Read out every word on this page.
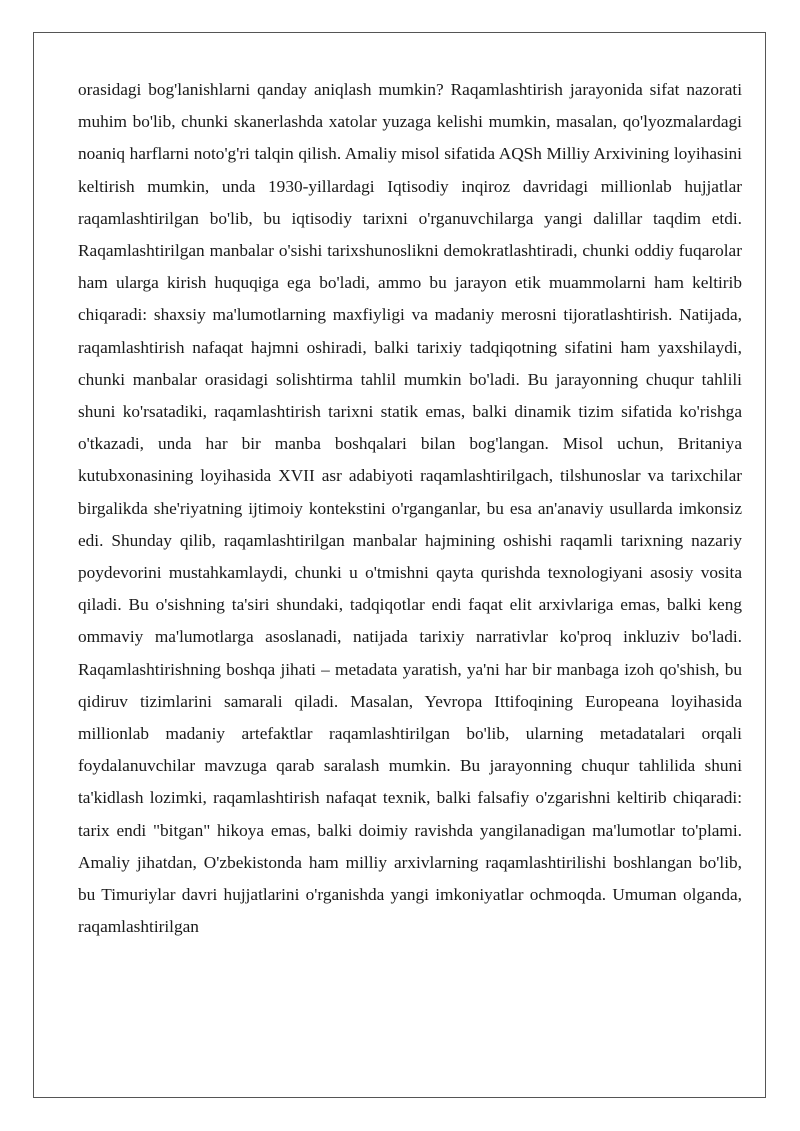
orasidagi bog'lanishlarni qanday aniqlash mumkin? Raqamlashtirish jarayonida sifat nazorati muhim bo'lib, chunki skanerlashda xatolar yuzaga kelishi mumkin, masalan, qo'lyozmalardagi noaniq harflarni noto'g'ri talqin qilish. Amaliy misol sifatida AQSh Milliy Arxivining loyihasini keltirish mumkin, unda 1930-yillardagi Iqtisodiy inqiroz davridagi millionlab hujjatlar raqamlashtirilgan bo'lib, bu iqtisodiy tarixni o'rganuvchilarga yangi dalillar taqdim etdi. Raqamlashtirilgan manbalar o'sishi tarixshunoslikni demokratlashtiradi, chunki oddiy fuqarolar ham ularga kirish huquqiga ega bo'ladi, ammo bu jarayon etik muammolarni ham keltirib chiqaradi: shaxsiy ma'lumotlarning maxfiyligi va madaniy merosni tijoratlashtirish. Natijada, raqamlashtirish nafaqat hajmni oshiradi, balki tarixiy tadqiqotning sifatini ham yaxshilaydi, chunki manbalar orasidagi solishtirma tahlil mumkin bo'ladi. Bu jarayonning chuqur tahlili shuni ko'rsatadiki, raqamlashtirish tarixni statik emas, balki dinamik tizim sifatida ko'rishga o'tkazadi, unda har bir manba boshqalari bilan bog'langan. Misol uchun, Britaniya kutubxonasining loyihasida XVII asr adabiyoti raqamlashtirilgach, tilshunoslar va tarixchilar birgalikda she'riyatning ijtimoiy kontekstini o'rganganlar, bu esa an'anaviy usullarda imkonsiz edi. Shunday qilib, raqamlashtirilgan manbalar hajmining oshishi raqamli tarixning nazariy poydevorini mustahkamlaydi, chunki u o'tmishni qayta qurishda texnologiyani asosiy vosita qiladi. Bu o'sishning ta'siri shundaki, tadqiqotlar endi faqat elit arxivlariga emas, balki keng ommaviy ma'lumotlarga asoslanadi, natijada tarixiy narrativlar ko'proq inkluziv bo'ladi. Raqamlashtirishning boshqa jihati – metadata yaratish, ya'ni har bir manbaga izoh qo'shish, bu qidiruv tizimlarini samarali qiladi. Masalan, Yevropa Ittifoqining Europeana loyihasida millionlab madaniy artefaktlar raqamlashtirilgan bo'lib, ularning metadatalari orqali foydalanuvchilar mavzuga qarab saralash mumkin. Bu jarayonning chuqur tahlilida shuni ta'kidlash lozimki, raqamlashtirish nafaqat texnik, balki falsafiy o'zgarishni keltirib chiqaradi: tarix endi "bitgan" hikoya emas, balki doimiy ravishda yangilanadigan ma'lumotlar to'plami. Amaliy jihatdan, O'zbekistonda ham milliy arxivlarning raqamlashtirilishi boshlangan bo'lib, bu Timuriylar davri hujjatlarini o'rganishda yangi imkoniyatlar ochmoqda. Umuman olganda, raqamlashtirilgan
